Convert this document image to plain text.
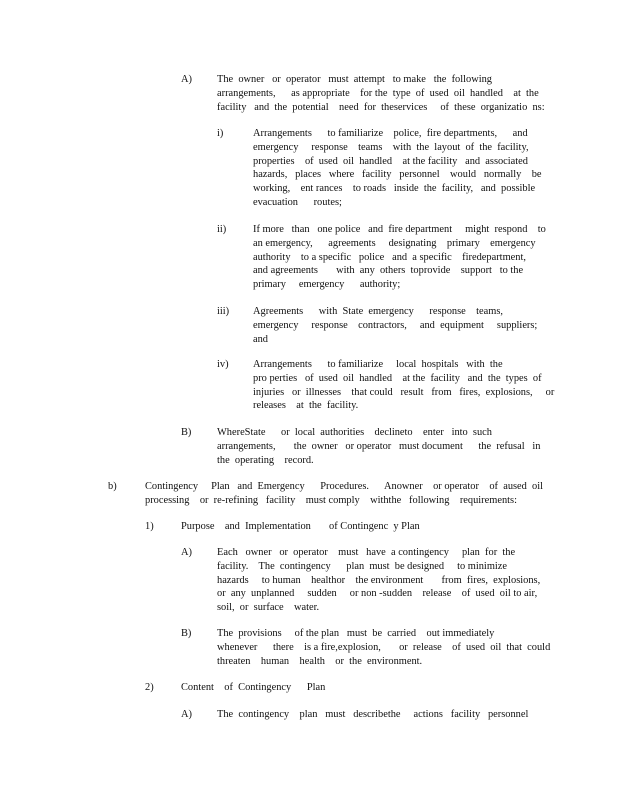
A) The  owner   or  operator   must  attempt   to make   the  following
arrangements,      as appropriate    for the  type  of  used  oil  handled    at  the
facility   and  the  potential    need  for  theservices     of  these  organizatio  ns:
i)	Arrangements      to familiarize    police,  fire departments,      and
emergency     response    teams    with  the  layout  of  the  facility,
properties    of  used  oil  handled    at the facility   and  associated
hazards,   places   where   facility   personnel    would   normally    be
working,    ent rances    to roads   inside  the  facility,   and  possible
evacuation      routes;
ii)	If more   than   one police   and  fire department     might  respond    to
an emergency,      agreements     designating    primary    emergency
authority    to a specific   police   and  a specific    firedepartment,
and agreements       with  any  others  toprovide    support   to the
primary     emergency      authority;
iii) Agreements      with  State  emergency      response    teams,
emergency     response    contractors,     and  equipment     suppliers;
and
iv) Arrangements      to familiarize     local  hospitals   with  the
pro perties   of  used  oil  handled    at the  facility   and  the  types  of
injuries   or  illnesses    that could   result   from   fires,  explosions,     or
releases    at  the  facility.
B) WhereState      or  local  authorities    declineto    enter   into  such
arrangements,       the  owner   or operator   must document      the  refusal   in
the  operating    record.
b)	Contingency     Plan   and  Emergency      Procedures.      Anowner    or operator    of  aused  oil
processing    or  re-refining   facility    must comply    withthe   following    requirements:
1)	Purpose    and  Implementation       of Contingenc  y Plan
A) Each   owner   or  operator    must   have  a contingency     plan  for  the
facility.    The  contingency      plan  must  be designed     to minimize
hazards     to human    healthor    the environment       from  fires,  explosions,
or  any  unplanned     sudden     or non -sudden    release    of  used  oil to air,
soil,  or  surface    water.
B) The  provisions     of the plan   must  be  carried    out immediately
whenever      there    is a fire,explosion,       or  release    of  used  oil  that  could
threaten    human    health    or  the  environment.
2)	Content    of  Contingency      Plan
A) The  contingency    plan   must   describethe     actions   facility   personnel
